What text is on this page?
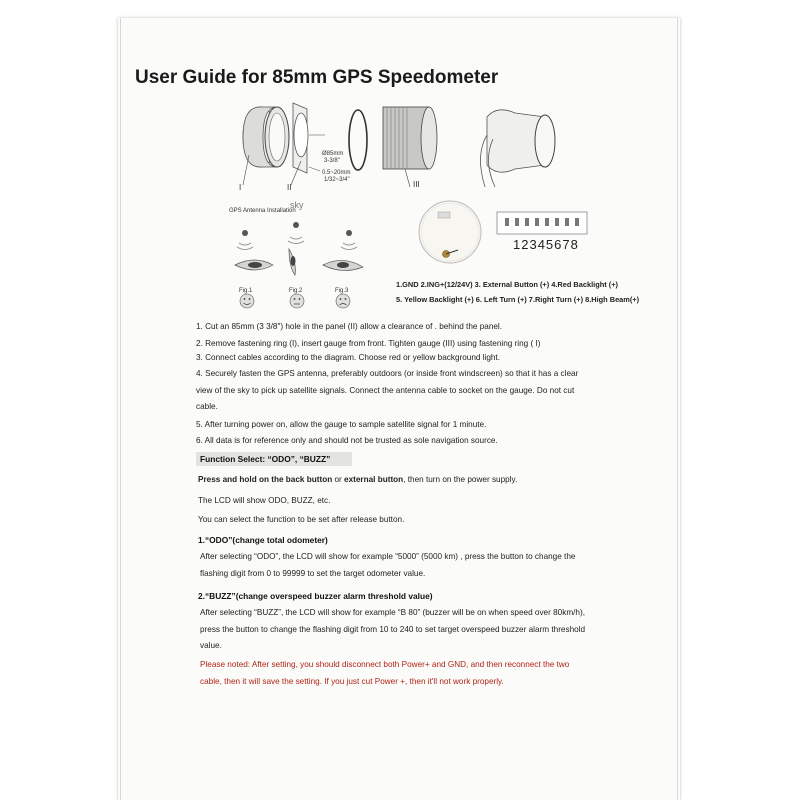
User Guide for 85mm GPS Speedometer
I	II	III
Ø85mm
3-3/8"
0.5~20mm
1/32~3/4"
GPS Antenna Installation
sky
Fig.1	Fig.2	Fig.3
12345678
1.GND 2.ING+(12/24V) 3. External Button (+) 4.Red Backlight (+)
5. Yellow Backlight (+) 6. Left Turn (+) 7.Right Turn (+) 8.High Beam(+)
1. Cut an 85mm (3 3/8") hole in the panel (II) allow a clearance of . behind the panel.
2. Remove fastening ring (I), insert gauge from front. Tighten gauge (III) using fastening ring ( I)
3. Connect cables according to the diagram. Choose red or yellow background light.
4. Securely fasten the GPS antenna, preferably outdoors (or inside front windscreen) so that it has a clear
view of the sky to pick up satellite signals. Connect the antenna cable to socket on the gauge. Do not cut
cable.
5. After turning power on, allow the gauge to sample satellite signal for 1 minute.
6. All data is for reference only and should not be trusted as sole navigation source.
Function Select: “ODO”, “BUZZ”
Press and hold on the back button or external button, then turn on the power supply.
The LCD will show ODO, BUZZ, etc.
You can select the function to be set after release button.
1.“ODO”(change total odometer)
After selecting “ODO”, the LCD will show for example “5000” (5000 km) , press the button to change the
flashing digit from 0 to 99999 to set the target odometer value.
2.“BUZZ”(change overspeed buzzer alarm threshold value)
After selecting “BUZZ”, the LCD will show for example “B 80” (buzzer will be on when speed over 80km/h),
press the button to change the flashing digit from 10 to 240 to set target overspeed buzzer alarm threshold
value.
Please noted: After setting, you should disconnect both Power+ and GND, and then reconnect the two
cable, then it will save the setting. If you just cut Power +, then it'll not work properly.
